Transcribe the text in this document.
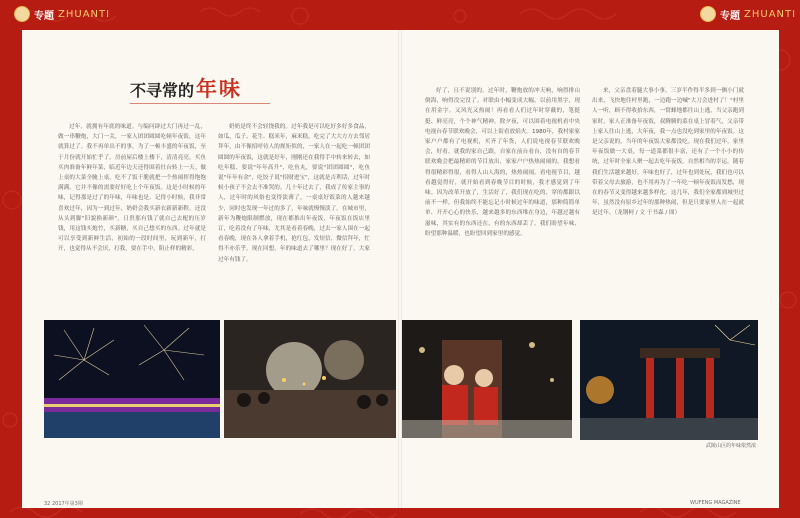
专题 ZHUANTI	专题 ZHUANTI
不寻常的 年味

过年，就拥有年底的味道。与编问辟过大门再过一乱，做一串鞭炮，大门一关，一家人团团圆圆吃顿年夜饭，这年就算过了。我不再单出不的事，为了一顿丰盛的年夜饭，至于月份就开始忙乎了。房前屋后楼上楼下，清清亮亮，买鱼买肉准备年鲜年菜，临近年边天还得围着灶台转上一天。做上桌的大菜全腌上桌，吃不了饭干脆就把一个热闹挥得饱饱满满。它并不像的需要好好吃上个年夜饭。这是小时候的年味，记得那是过了的年味，年味也是。记得小时候，我非常喜欢过年，因为一到过年，奶奶会我买新衣新新新鞋。还没从头到脚"旧貌换新颜"，日贵那有钱了就自己去配的压岁钱，用这钱买炮竹，买新糖，买自己想买的东西。过年就是可以享受到新鲜生活，初始的一段时间里，玩到新年，打开，也觉得从不会厌，打我，要在手中，阻止样的精彩，

奶奶是终不会轻饶我的。过年我是可以吃好多好多食品，如瓜，瓜子、花生、糕米年，麻米糕，吃完了大大方方去邻居拜年，由不像招呼待人的规矩似的，一家人在一起吃一顿团团圆圆的年夜饭，这就是好年，刚刚还在我得手中转来转去，如吃年糕、要说"年年高升"，吃鱼丸，要说"团团圆圆"，吃鱼说"年年有余"，吃饺子说"招财进宝"，这就是吉利话，过年时候小孩子不会去不准哭的。几十年过去了，我成了传家主事的人，过年时的风俗也变得淡薄了，一桌桌好饭菜的人越来越少，同时也发现一年过的多了，年味就慢慢淡了。在城市里，新年为鞭炮限制燃放，现在都推出年夜饭，年夜饭在饭店里订，吃着没有了年味，尤其是看着春晚，过去一家人围在一起看春晚，现在各人拿着手机，抢红包，发短信，微信拜年，忙得不亦乐乎。现在回想，年的味道去了哪里？现在好了，大家过年有钱了。

好了，且不说别的，过年时，鞭炮放的冲天响，响得排山倒海，响得没完没了。对联由小幅变成大幅，以前用黑字，现在用金字。又风光又热闹！再看看人们过年时穿戴的，笔挺挺、鲜亮亮，个个神气精神。除夕夜，可以围着电视机看中央电视台春节联欢晚会，可以上街看放焰火。1980年，我村家家家户户都有了电视机，买齐了年货，人们说电视春节联欢晚会，好看，就我的家自己跟，自家在前台看台，没有自的春节联欢晚会把最精彩的节目放出，家家户户热热闹闹的，我想看得很精彩得很，看得人山人海的，热热闹闹。看电视节目，越看越觉得好，就开始看到春晚节目的时候，我才感觉到了年味。因为改革开放了，生活好了，我们现在吃的、穿的都跟以前不一样，但我始终不能忘记小时候过年的味道，那种简简单单、开开心心的快乐，越来越多的东西堆在身边，年越过越有滋味，其实有的东西还在，有的东西却丢了。我们盼望年味，盼望那种温暖，也盼望回到家里的感觉。

来，父亲盘着腿大事小事，三岁半作得半多到一侧小门就出来，飞快地往村里跑，一边跑一边喊"大刀会进村了！"村里人一听，顾不得收拾东西，一窝蜂地都往山上逃。当父亲跑到家时，家人正准备年夜饭，叔腾腾的菜在桌上冒着气，父亲带上家人往山上逃，大年夜，我一点也没吃到家里的年夜饭。这是父亲说的，当年的年夜饭大家都没吃。现在我们过年，家里年夜饭做一大桌，每一道菜都很丰富，还有了一个小小的传统，过年时全家人聚一起去吃年夜饭，自然相当的幸运。随着我们生活越来越好，年味也好了，过年也到处玩，我们也可以带着父母去旅游，也不用再为了一年吃一顿年夜饭而发愁，现在的春节又变得越来越多样化。这几年，我们全家都到城里过年，虽然没有原乡过年的那种热闹，但是只要家里人在一起就是过年。（龙钢柯 / 文 于书森 / 图）

武陵山区的年味依然浓
32 2017年第3期	WUFENG MAGAZINE
